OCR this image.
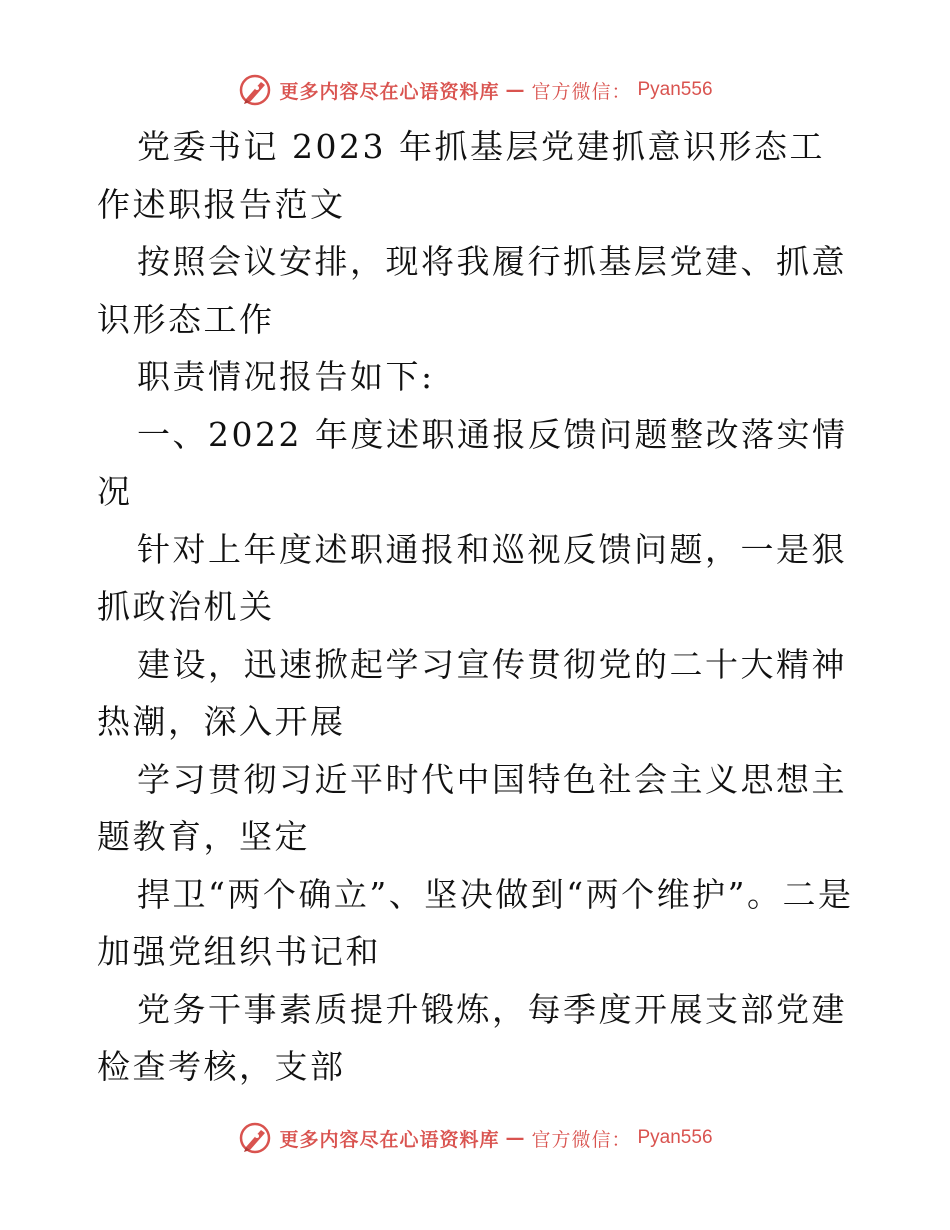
更多内容尽在心语资料库 — 官方微信： Pyan556

党委书记 2023 年抓基层党建抓意识形态工作述职报告范文

按照会议安排，现将我履行抓基层党建、抓意识形态工作

职责情况报告如下:

一、2022 年度述职通报反馈问题整改落实情况

针对上年度述职通报和巡视反馈问题，一是狠抓政治机关

建设，迅速掀起学习宣传贯彻党的二十大精神热潮，深入开展

学习贯彻习近平时代中国特色社会主义思想主题教育，坚定

捍卫“两个确立”、坚决做到“两个维护”。二是加强党组织书记和

党务干事素质提升锻炼，每季度开展支部党建检查考核，支部

更多内容尽在心语资料库 — 官方微信： Pyan556
